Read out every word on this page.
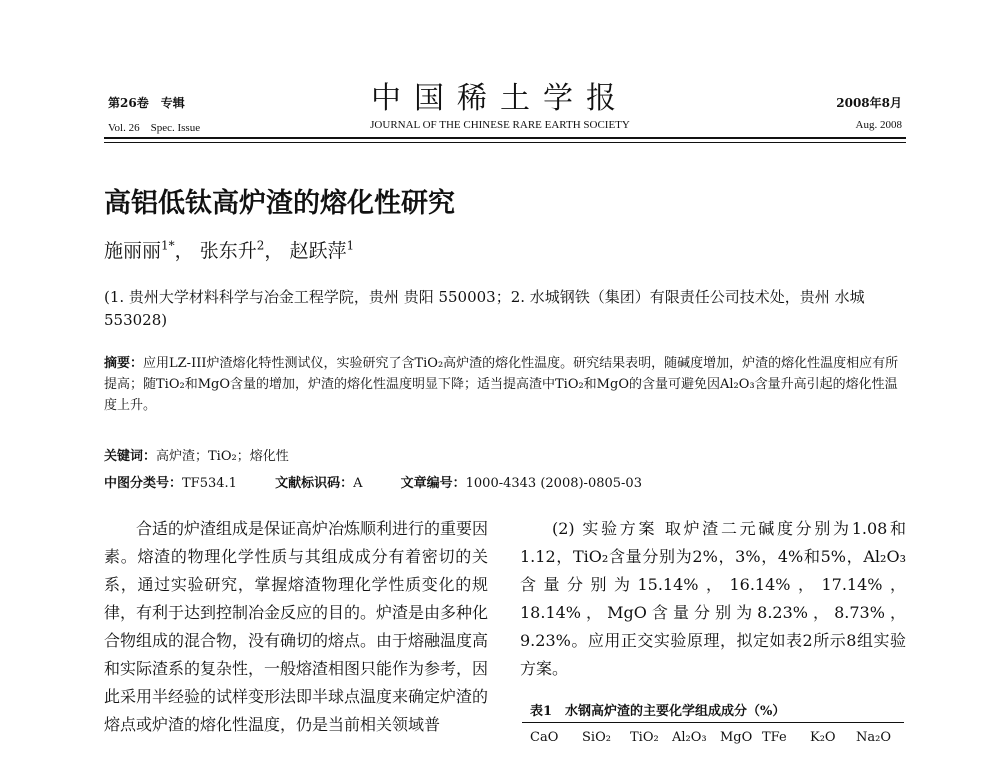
第26卷　专辑
Vol. 26　Spec. Issue
中国稀土学报
JOURNAL OF THE CHINESE RARE EARTH SOCIETY
2008年8月
Aug. 2008
高铝低钛高炉渣的熔化性研究
施丽丽$^{1*}$， 张东升$^2$， 赵跃萍$^1$
(1. 贵州大学材料科学与冶金工程学院，贵州 贵阳 550003；2. 水城钢铁（集团）有限责任公司技术处，贵州 水城 553028)
摘要：应用LZ-III炉渣熔化特性测试仪，实验研究了含TiO₂高炉渣的熔化性温度。研究结果表明，随碱度增加，炉渣的熔化性温度相应有所提高；随TiO₂和MgO含量的增加，炉渣的熔化性温度明显下降；适当提高渣中TiO₂和MgO的含量可避免因Al₂O₃含量升高引起的熔化性温度上升。
关键词：高炉渣；TiO₂；熔化性
中图分类号：TF534.1	文献标识码：A	文章编号：1000-4343 (2008)-0805-03

合适的炉渣组成是保证高炉冶炼顺利进行的重要因素。熔渣的物理化学性质与其组成成分有着密切的关系，通过实验研究，掌握熔渣物理化学性质变化的规律，有利于达到控制冶金反应的目的。炉渣是由多种化合物组成的混合物，没有确切的熔点。由于熔融温度高和实际渣系的复杂性，一般熔渣相图只能作为参考，因此采用半经验的试样变形法即半球点温度来确定炉渣的熔点或炉渣的熔化性温度，仍是当前相关领域普

(2) 实验方案 取炉渣二元碱度分别为1.08和1.12，TiO₂含量分别为2%，3%，4%和5%，Al₂O₃含量分别为15.14%，16.14%，17.14%，18.14%，MgO含量分别为8.23%，8.73%，9.23%。应用正交实验原理，拟定如表2所示8组实验方案。

表1　水钢高炉渣的主要化学组成成分（%）
CaO SiO₂ TiO₂ Al₂O₃ MgO TFe K₂O Na₂O
